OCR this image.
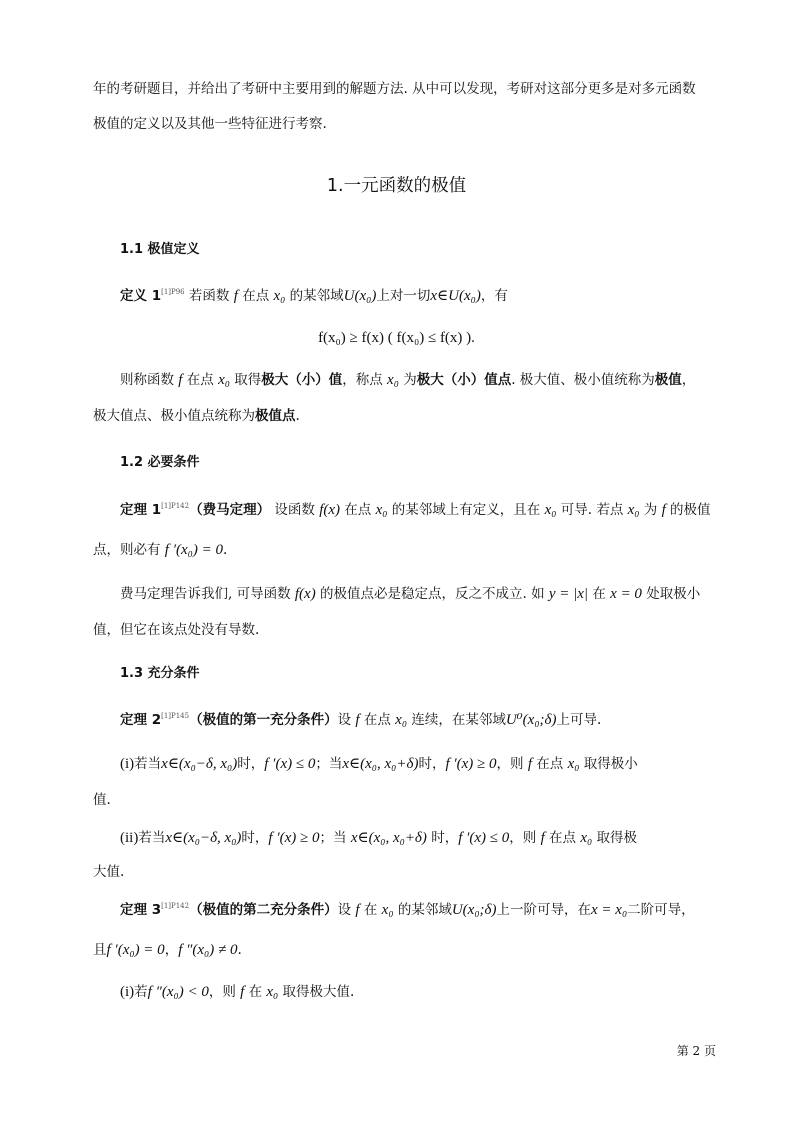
年的考研题目，并给出了考研中主要用到的解题方法. 从中可以发现，考研对这部分更多是对多元函数
极值的定义以及其他一些特征进行考察.
1.一元函数的极值
1.1 极值定义
定义 1$^{[1]P96}$ 若函数 f 在点 x₀ 的某邻域U(x₀)上对一切x∈U(x₀)，有
f(x₀) ≥ f(x) ( f(x₀) ≤ f(x) ).
则称函数 f 在点 x₀ 取得极大（小）值，称点 x₀ 为极大（小）值点. 极大值、极小值统称为极值，
极大值点、极小值点统称为极值点.
1.2 必要条件
定理 1$^{[1]P142}$（费马定理） 设函数 f(x) 在点 x₀ 的某邻域上有定义，且在 x₀ 可导. 若点 x₀ 为 f 的极值
点，则必有 f ′(x₀) = 0.
费马定理告诉我们, 可导函数 f(x) 的极值点必是稳定点，反之不成立. 如 y = |x| 在 x = 0 处取极小
值，但它在该点处没有导数.
1.3 充分条件
定理 2$^{[1]P145}$（极值的第一充分条件）设 f 在点 x₀ 连续，在某邻域U⁰(x₀;δ)上可导.
(i)若当x∈(x₀−δ, x₀)时，f ′(x) ≤ 0；当x∈(x₀, x₀+δ)时，f ′(x) ≥ 0，则 f 在点 x₀ 取得极小
值.
(ii)若当x∈(x₀−δ, x₀)时，f ′(x) ≥ 0；当 x∈(x₀, x₀+δ) 时，f ′(x) ≤ 0，则 f 在点 x₀ 取得极
大值.
定理 3$^{[1]P142}$（极值的第二充分条件）设 f 在 x₀ 的某邻域U(x₀;δ)上一阶可导，在x = x₀二阶可导，
且f ′(x₀) = 0，f ″(x₀) ≠ 0.
(i)若f ″(x₀) < 0，则 f 在 x₀ 取得极大值.
第 2 页
